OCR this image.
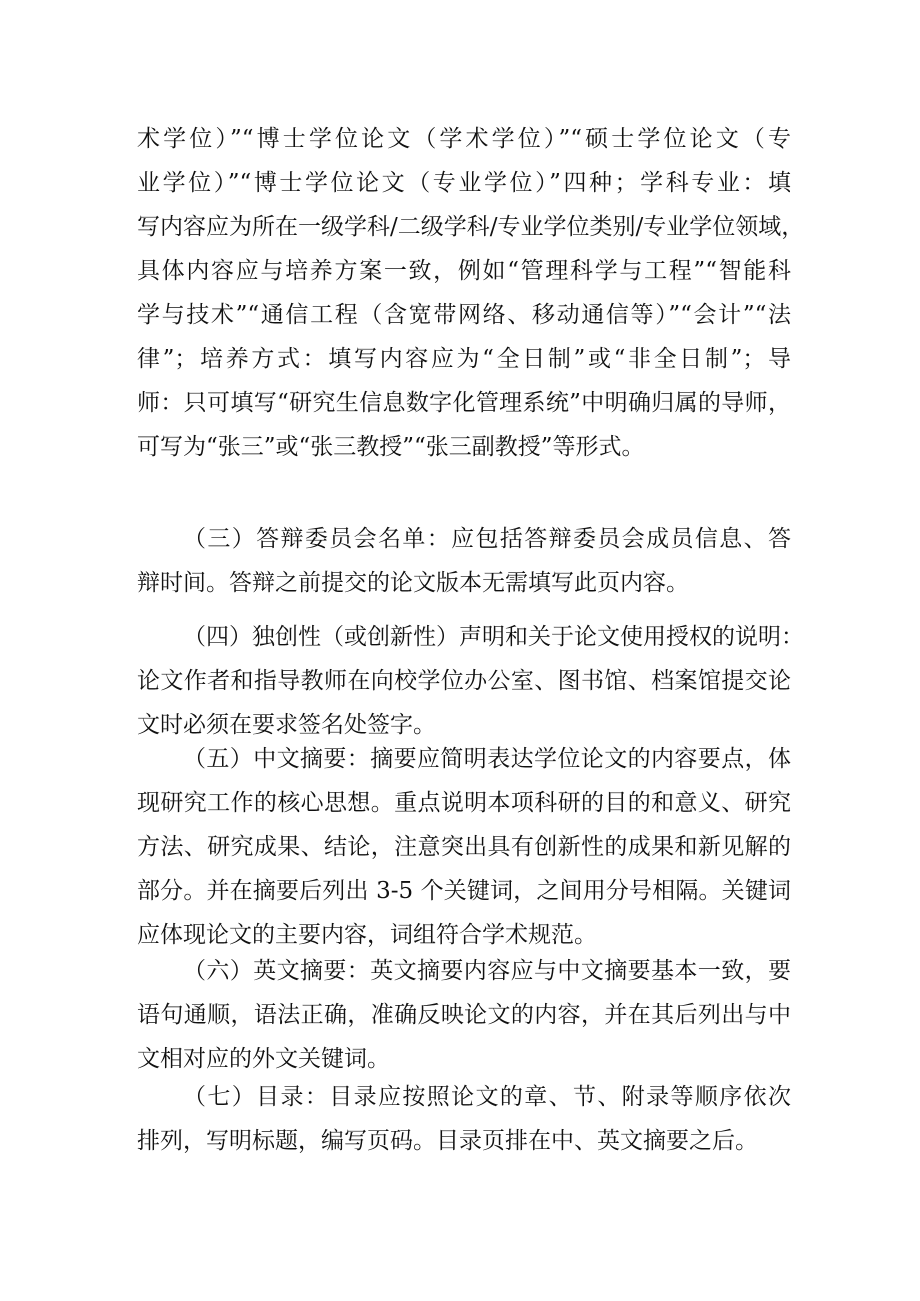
术学位）”“博士学位论文（学术学位）”“硕士学位论文（专
业学位）”“博士学位论文（专业学位）”四种；学科专业：填
写内容应为所在一级学科/二级学科/专业学位类别/专业学位领域，
具体内容应与培养方案一致，例如“管理科学与工程”“智能科
学与技术”“通信工程（含宽带网络、移动通信等）”“会计”“法
律”；培养方式：填写内容应为“全日制”或“非全日制”；导
师：只可填写“研究生信息数字化管理系统”中明确归属的导师，
可写为“张三”或“张三教授”“张三副教授”等形式。
（三）答辩委员会名单：应包括答辩委员会成员信息、答
辩时间。答辩之前提交的论文版本无需填写此页内容。
（四）独创性（或创新性）声明和关于论文使用授权的说明：
论文作者和指导教师在向校学位办公室、图书馆、档案馆提交论
文时必须在要求签名处签字。
（五）中文摘要：摘要应简明表达学位论文的内容要点，体
现研究工作的核心思想。重点说明本项科研的目的和意义、研究
方法、研究成果、结论，注意突出具有创新性的成果和新见解的
部分。并在摘要后列出 3-5 个关键词，之间用分号相隔。关键词
应体现论文的主要内容，词组符合学术规范。
（六）英文摘要：英文摘要内容应与中文摘要基本一致，要
语句通顺，语法正确，准确反映论文的内容，并在其后列出与中
文相对应的外文关键词。
（七）目录：目录应按照论文的章、节、附录等顺序依次
排列，写明标题，编写页码。目录页排在中、英文摘要之后。
